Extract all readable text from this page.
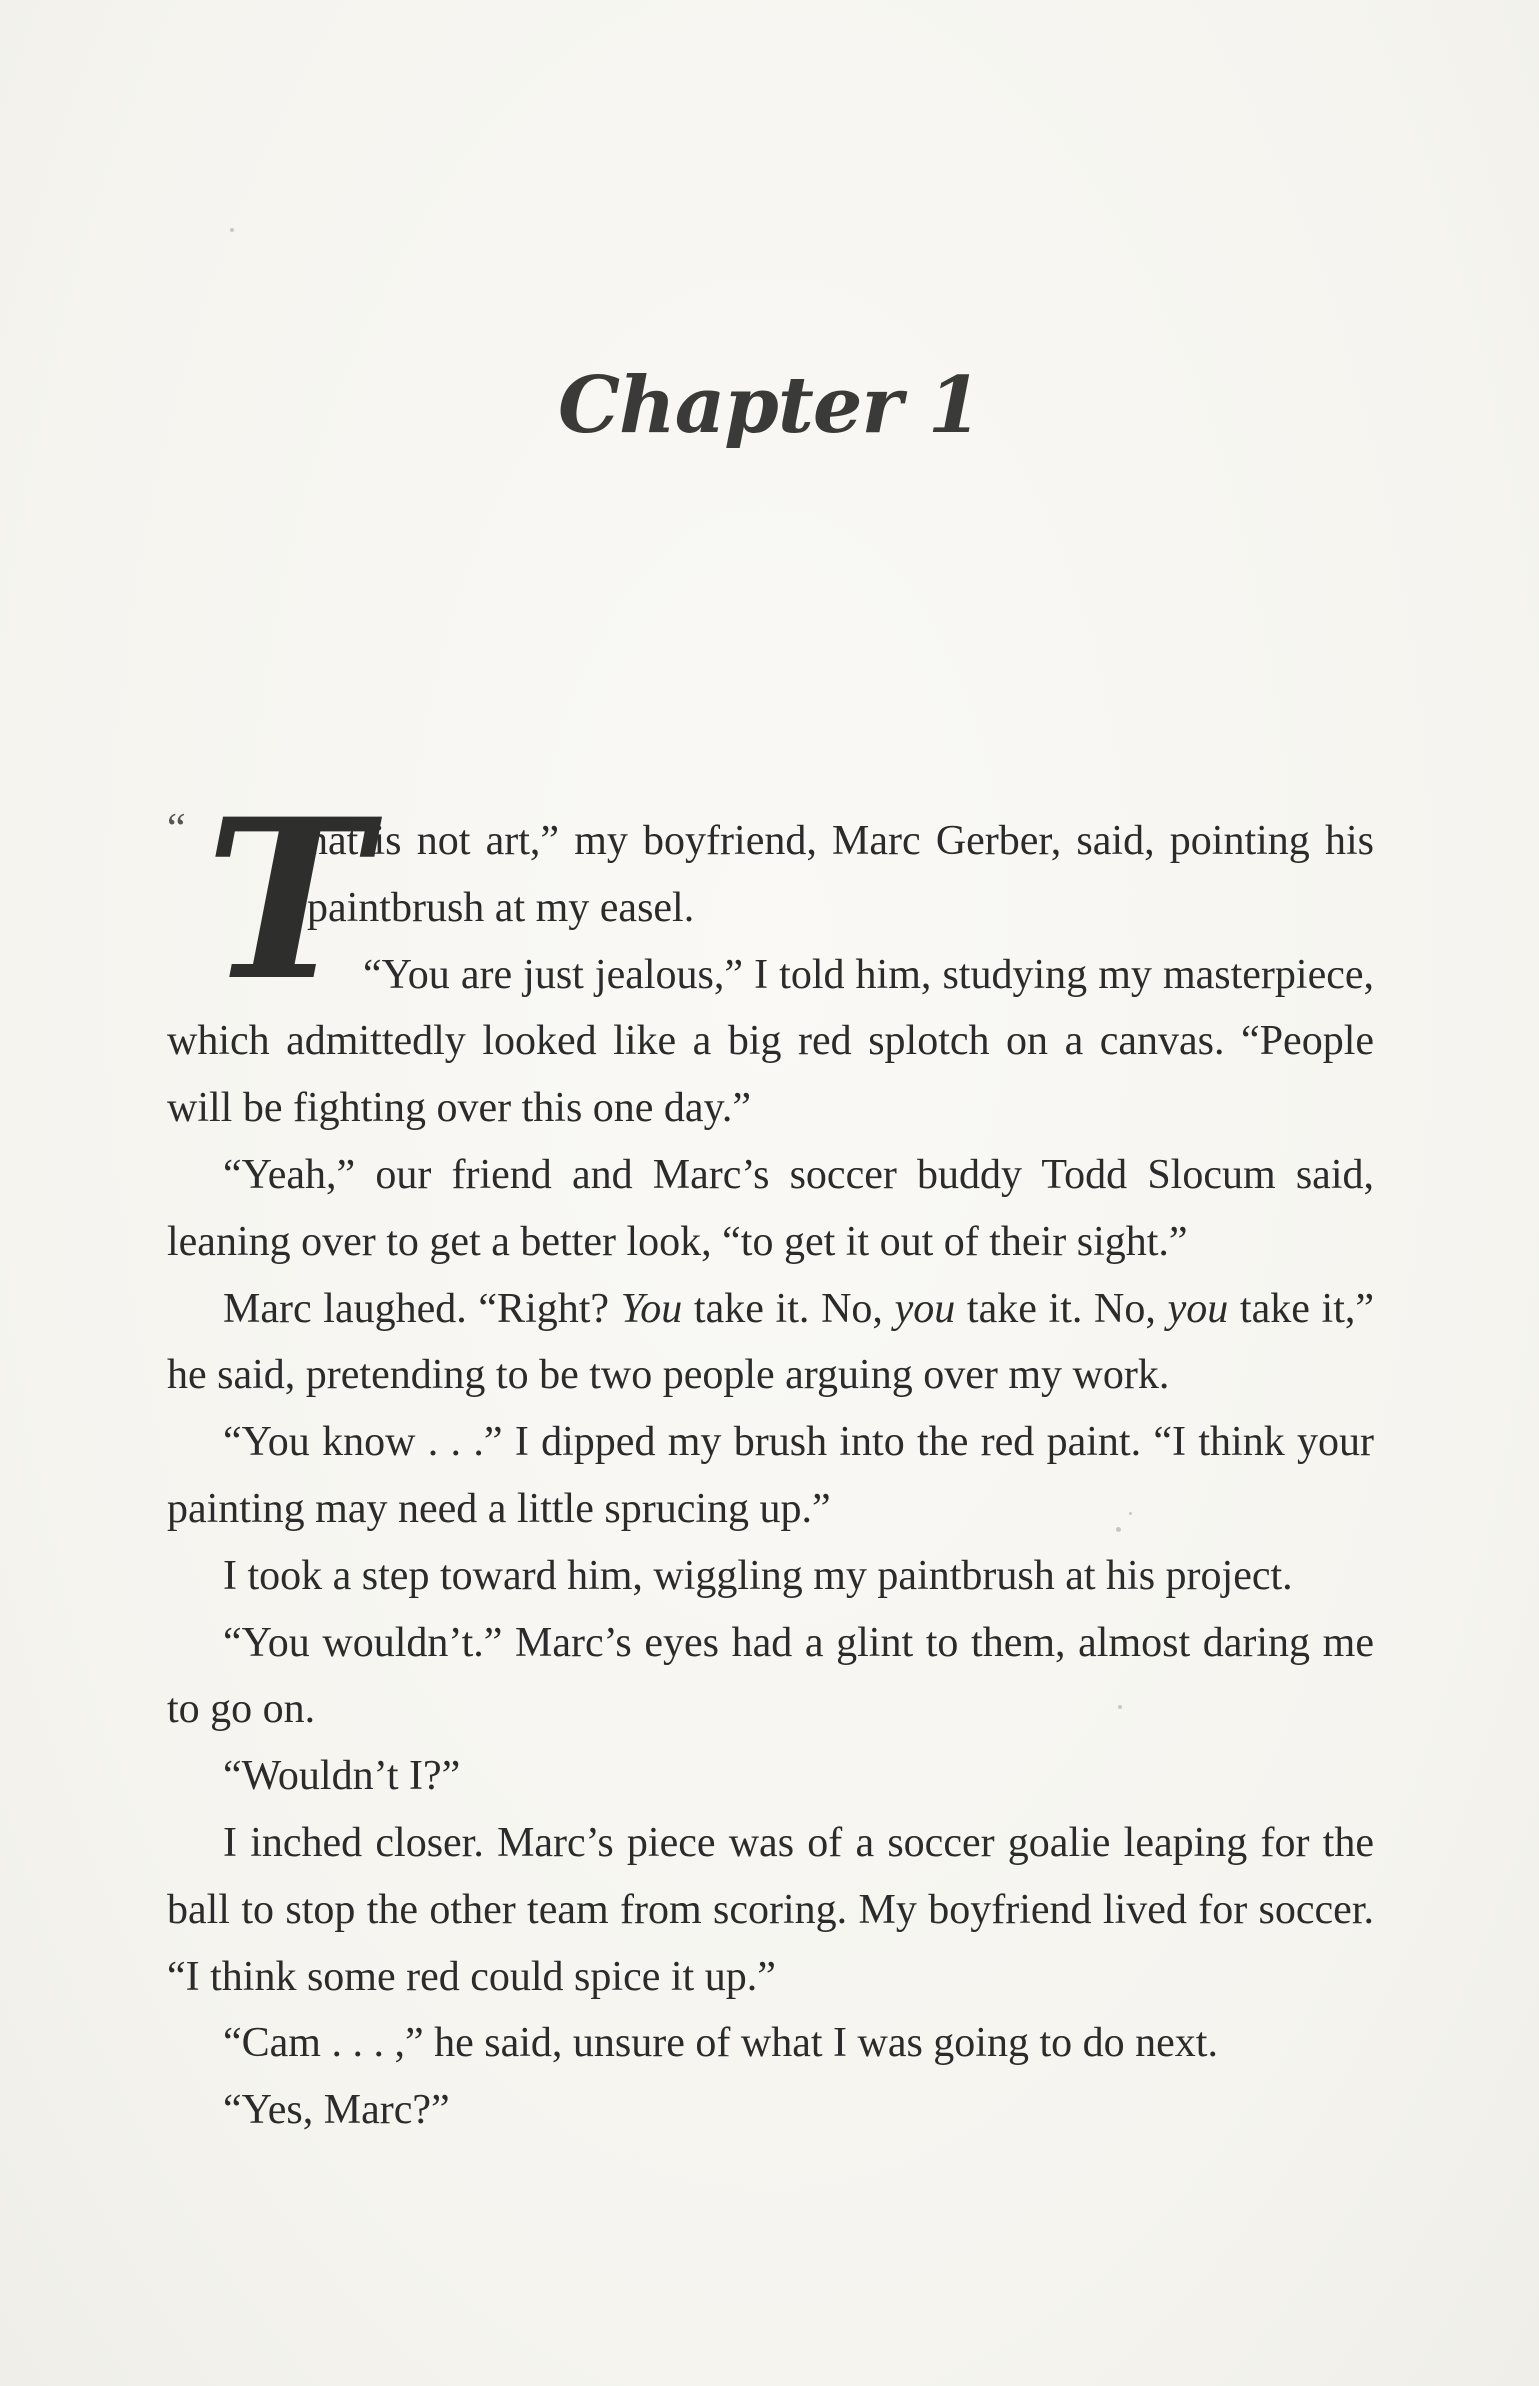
Chapter 1

“ T
hat is not art,” my boyfriend, Marc Gerber, said, pointing his paintbrush at my easel.

“You are just jealous,” I told him, studying my masterpiece, which admittedly looked like a big red splotch on a canvas. “People will be fighting over this one day.”

“Yeah,” our friend and Marc’s soccer buddy Todd Slocum said, leaning over to get a better look, “to get it out of their sight.”

Marc laughed. “Right? You take it. No, you take it. No, you take it,” he said, pretending to be two people arguing over my work.

“You know . . .” I dipped my brush into the red paint. “I think your painting may need a little sprucing up.”

I took a step toward him, wiggling my paintbrush at his project.

“You wouldn’t.” Marc’s eyes had a glint to them, almost daring me to go on.

“Wouldn’t I?”

I inched closer. Marc’s piece was of a soccer goalie leaping for the ball to stop the other team from scoring. My boyfriend lived for soccer. “I think some red could spice it up.”

“Cam . . . ,” he said, unsure of what I was going to do next.

“Yes, Marc?”
